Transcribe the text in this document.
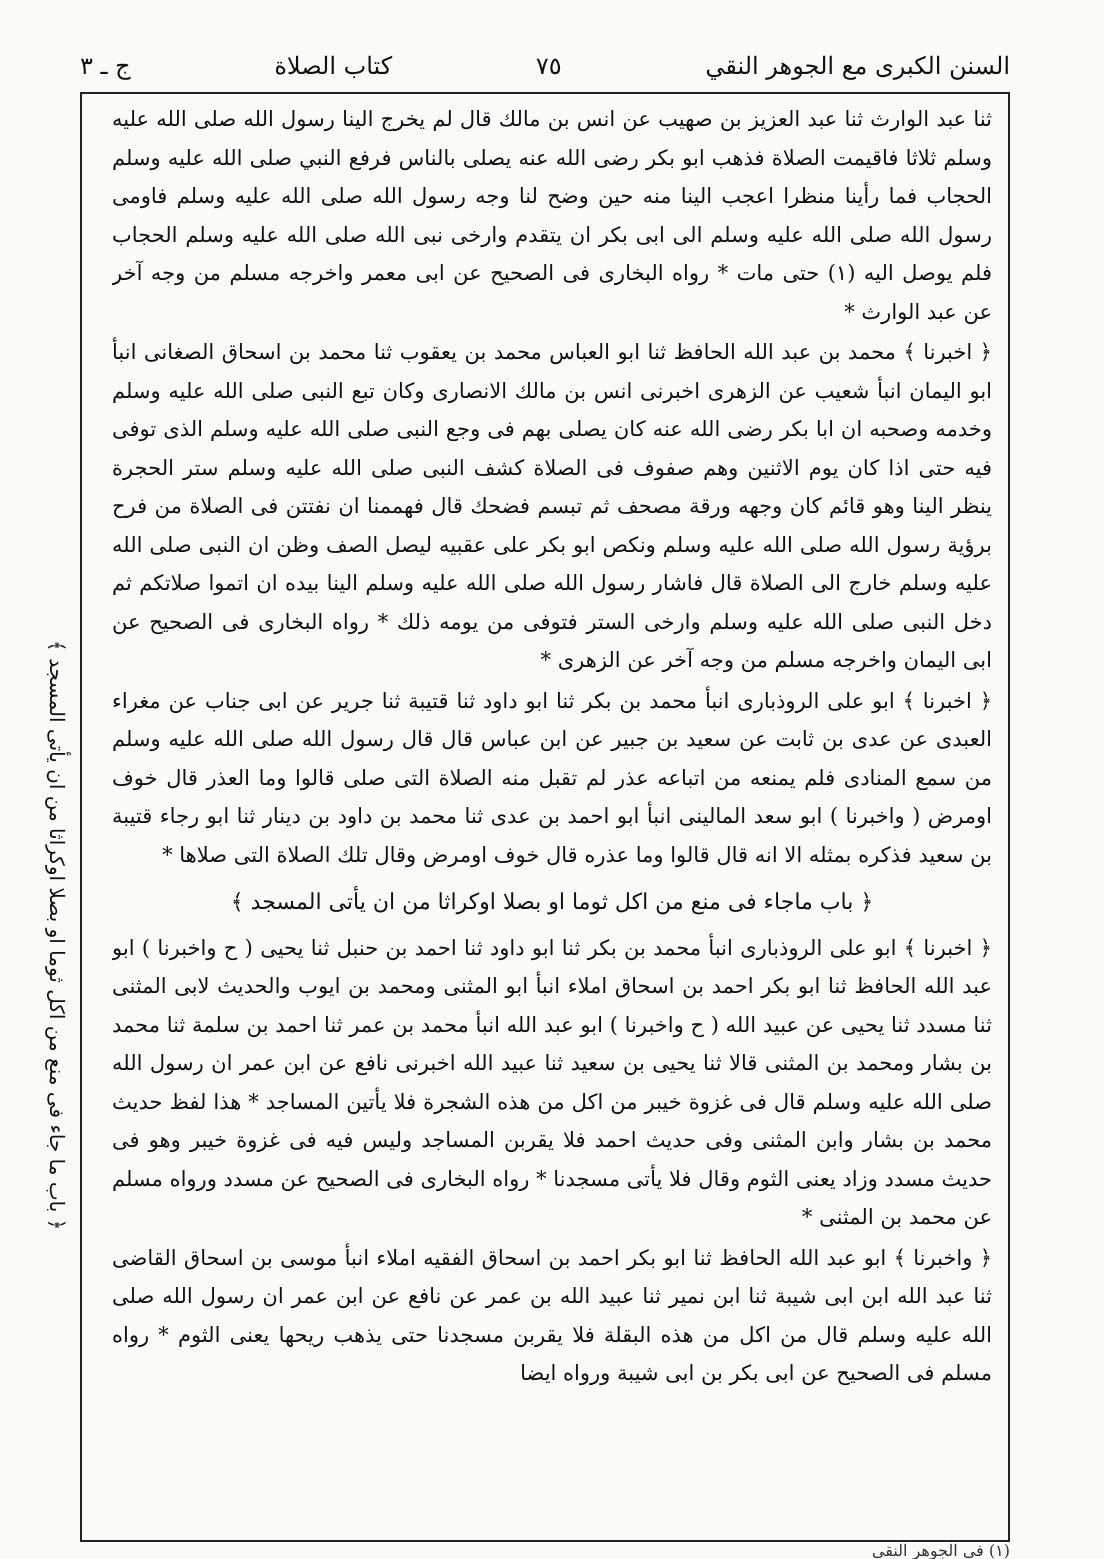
السنن الكبرى مع الجوهر النقي
٧٥
كتاب الصلاة
ج ـ ٣

ثنا عبد الوارث ثنا عبد العزيز بن صهيب عن انس بن مالك قال لم يخرج الينا رسول الله صلى الله عليه وسلم ثلاثا فاقيمت الصلاة فذهب ابو بكر رضى الله عنه يصلى بالناس فرفع النبي صلى الله عليه وسلم الحجاب فما رأينا منظرا اعجب الينا منه حين وضح لنا وجه رسول الله صلى الله عليه وسلم فاومى رسول الله صلى الله عليه وسلم الى ابى بكر ان يتقدم وارخى نبى الله صلى الله عليه وسلم الحجاب فلم يوصل اليه (١) حتى مات * رواه البخارى فى الصحيح عن ابى معمر واخرجه مسلم من وجه آخر عن عبد الوارث *

﴿ اخبرنا ﴾ محمد بن عبد الله الحافظ ثنا ابو العباس محمد بن يعقوب ثنا محمد بن اسحاق الصغانى انبأ ابو اليمان انبأ شعيب عن الزهرى اخبرنى انس بن مالك الانصارى وكان تبع النبى صلى الله عليه وسلم وخدمه وصحبه ان ابا بكر رضى الله عنه كان يصلى بهم فى وجع النبى صلى الله عليه وسلم الذى توفى فيه حتى اذا كان يوم الاثنين وهم صفوف فى الصلاة كشف النبى صلى الله عليه وسلم ستر الحجرة ينظر الينا وهو قائم كان وجهه ورقة مصحف ثم تبسم فضحك قال فهممنا ان نفتتن فى الصلاة من فرح برؤية رسول الله صلى الله عليه وسلم ونكص ابو بكر على عقبيه ليصل الصف وظن ان النبى صلى الله عليه وسلم خارج الى الصلاة قال فاشار رسول الله صلى الله عليه وسلم الينا بيده ان اتموا صلاتكم ثم دخل النبى صلى الله عليه وسلم وارخى الستر فتوفى من يومه ذلك * رواه البخارى فى الصحيح عن ابى اليمان واخرجه مسلم من وجه آخر عن الزهرى *

﴿ اخبرنا ﴾ ابو على الروذبارى انبأ محمد بن بكر ثنا ابو داود ثنا قتيبة ثنا جرير عن ابى جناب عن مغراء العبدى عن عدى بن ثابت عن سعيد بن جبير عن ابن عباس قال قال رسول الله صلى الله عليه وسلم من سمع المنادى فلم يمنعه من اتباعه عذر لم تقبل منه الصلاة التى صلى قالوا وما العذر قال خوف اومرض ( واخبرنا ) ابو سعد المالينى انبأ ابو احمد بن عدى ثنا محمد بن داود بن دينار ثنا ابو رجاء قتيبة بن سعيد فذكره بمثله الا انه قال قالوا وما عذره قال خوف اومرض وقال تلك الصلاة التى صلاها *

﴿ باب ماجاء فى منع من اكل ثوما او بصلا اوكراثا من ان يأتى المسجد ﴾

﴿ اخبرنا ﴾ ابو على الروذبارى انبأ محمد بن بكر ثنا ابو داود ثنا احمد بن حنبل ثنا يحيى ( ح واخبرنا ) ابو عبد الله الحافظ ثنا ابو بكر احمد بن اسحاق املاء انبأ ابو المثنى ومحمد بن ايوب والحديث لابى المثنى ثنا مسدد ثنا يحيى عن عبيد الله ( ح واخبرنا ) ابو عبد الله انبأ محمد بن عمر ثنا احمد بن سلمة ثنا محمد بن بشار ومحمد بن المثنى قالا ثنا يحيى بن سعيد ثنا عبيد الله اخبرنى نافع عن ابن عمر ان رسول الله صلى الله عليه وسلم قال فى غزوة خيبر من اكل من هذه الشجرة فلا يأتين المساجد * هذا لفظ حديث محمد بن بشار وابن المثنى وفى حديث احمد فلا يقربن المساجد وليس فيه فى غزوة خيبر وهو فى حديث مسدد وزاد يعنى الثوم وقال فلا يأتى مسجدنا * رواه البخارى فى الصحيح عن مسدد ورواه مسلم عن محمد بن المثنى *

﴿ واخبرنا ﴾ ابو عبد الله الحافظ ثنا ابو بكر احمد بن اسحاق الفقيه املاء انبأ موسى بن اسحاق القاضى ثنا عبد الله ابن ابى شيبة ثنا ابن نمير ثنا عبيد الله بن عمر عن نافع عن ابن عمر ان رسول الله صلى الله عليه وسلم قال من اكل من هذه البقلة فلا يقربن مسجدنا حتى يذهب ريحها يعنى الثوم * رواه مسلم فى الصحيح عن ابى بكر بن ابى شيبة ورواه ايضا

﴿ باب ما جاء فى منع من اكل ثوما او بصلا اوكراثا من ان يأتى المسجد ﴾
(١) فى الجوهر النقى
